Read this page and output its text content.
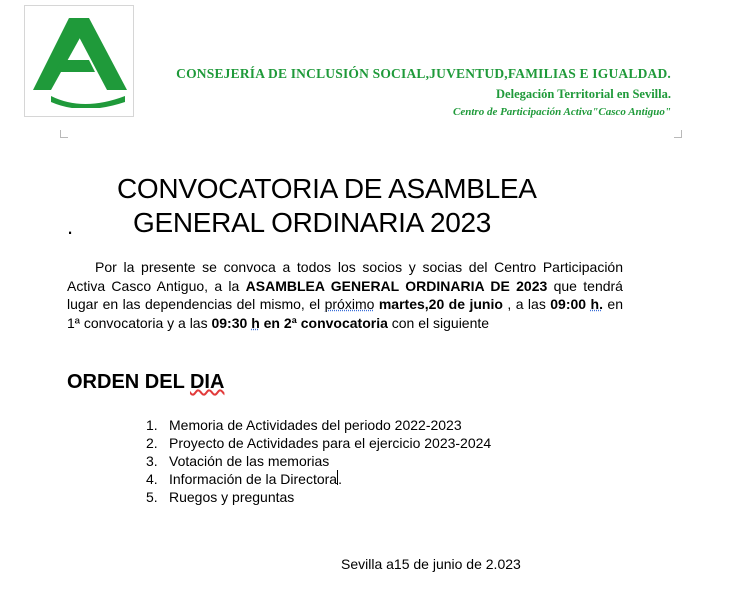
CONSEJERÍA DE INCLUSIÓN SOCIAL,JUVENTUD,FAMILIAS E IGUALDAD.
Delegación Territorial en Sevilla.
Centro de Participación Activa"Casco Antiguo"
CONVOCATORIA DE ASAMBLEA
. GENERAL ORDINARIA 2023
Por la presente se convoca a todos los socios y socias del Centro Participación Activa Casco Antiguo, a la ASAMBLEA GENERAL ORDINARIA DE 2023 que tendrá lugar en las dependencias del mismo, el próximo martes,20 de junio , a las 09:00 h. en 1ª convocatoria y a las 09:30 h en 2ª convocatoria con el siguiente
ORDEN DEL DIA
1. Memoria de Actividades del periodo 2022-2023
2. Proyecto de Actividades para el ejercicio 2023-2024
3. Votación de las memorias
4. Información de la Directora .
5. Ruegos y preguntas
Sevilla a15 de junio de 2.023
